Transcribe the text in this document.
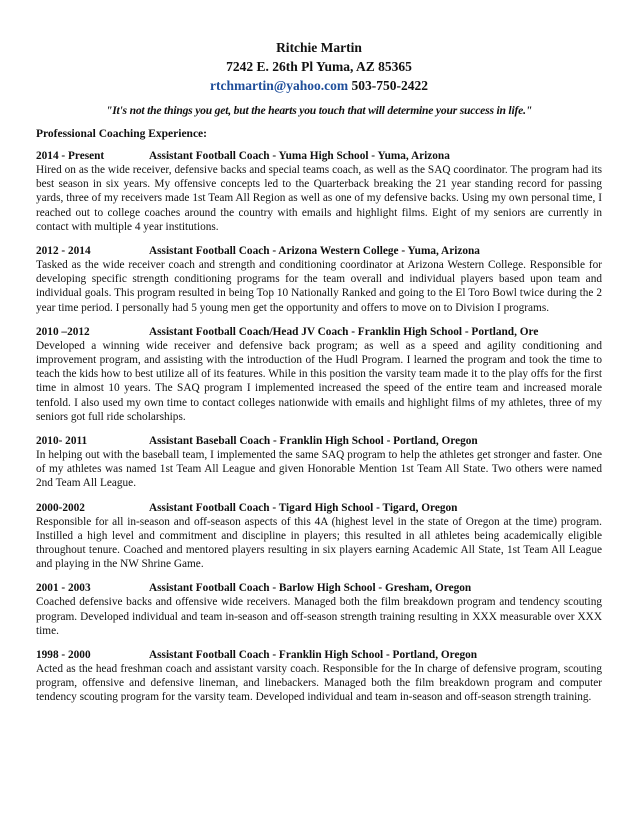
Ritchie Martin
7242 E. 26th Pl Yuma, AZ 85365
rtchmartin@yahoo.com 503-750-2422
"It's not the things you get, but the hearts you touch that will determine your success in life."
Professional Coaching Experience:
2014 - Present	Assistant Football Coach - Yuma High School - Yuma, Arizona
Hired on as the wide receiver, defensive backs and special teams coach, as well as the SAQ coordinator. The program had its best season in six years. My offensive concepts led to the Quarterback breaking the 21 year standing record for passing yards, three of my receivers made 1st Team All Region as well as one of my defensive backs. Using my own personal time, I reached out to college coaches around the country with emails and highlight films. Eight of my seniors are currently in contact with multiple 4 year institutions.
2012 - 2014	Assistant Football Coach - Arizona Western College - Yuma, Arizona
Tasked as the wide receiver coach and strength and conditioning coordinator at Arizona Western College. Responsible for developing specific strength conditioning programs for the team overall and individual players based upon team and individual goals. This program resulted in being Top 10 Nationally Ranked and going to the El Toro Bowl twice during the 2 year time period. I personally had 5 young men get the opportunity and offers to move on to Division I programs.
2010 –2012	Assistant Football Coach/Head JV Coach - Franklin High School - Portland, Ore
Developed a winning wide receiver and defensive back program; as well as a speed and agility conditioning and improvement program, and assisting with the introduction of the Hudl Program. I learned the program and took the time to teach the kids how to best utilize all of its features. While in this position the varsity team made it to the play offs for the first time in almost 10 years. The SAQ program I implemented increased the speed of the entire team and increased morale tenfold. I also used my own time to contact colleges nationwide with emails and highlight films of my athletes, three of my seniors got full ride scholarships.
2010- 2011	Assistant Baseball Coach - Franklin High School - Portland, Oregon
In helping out with the baseball team, I implemented the same SAQ program to help the athletes get stronger and faster. One of my athletes was named 1st Team All League and given Honorable Mention 1st Team All State. Two others were named 2nd Team All League.
2000-2002	Assistant Football Coach - Tigard High School - Tigard, Oregon
Responsible for all in-season and off-season aspects of this 4A (highest level in the state of Oregon at the time) program. Instilled a high level and commitment and discipline in players; this resulted in all athletes being academically eligible throughout tenure. Coached and mentored players resulting in six players earning Academic All State, 1st Team All League and playing in the NW Shrine Game.
2001 - 2003	Assistant Football Coach - Barlow High School - Gresham, Oregon
Coached defensive backs and offensive wide receivers. Managed both the film breakdown program and tendency scouting program. Developed individual and team in-season and off-season strength training resulting in XXX measurable over XXX time.
1998 - 2000	Assistant Football Coach - Franklin High School - Portland, Oregon
Acted as the head freshman coach and assistant varsity coach. Responsible for the In charge of defensive program, scouting program, offensive and defensive lineman, and linebackers. Managed both the film breakdown program and computer tendency scouting program for the varsity team. Developed individual and team in-season and off-season strength training.
